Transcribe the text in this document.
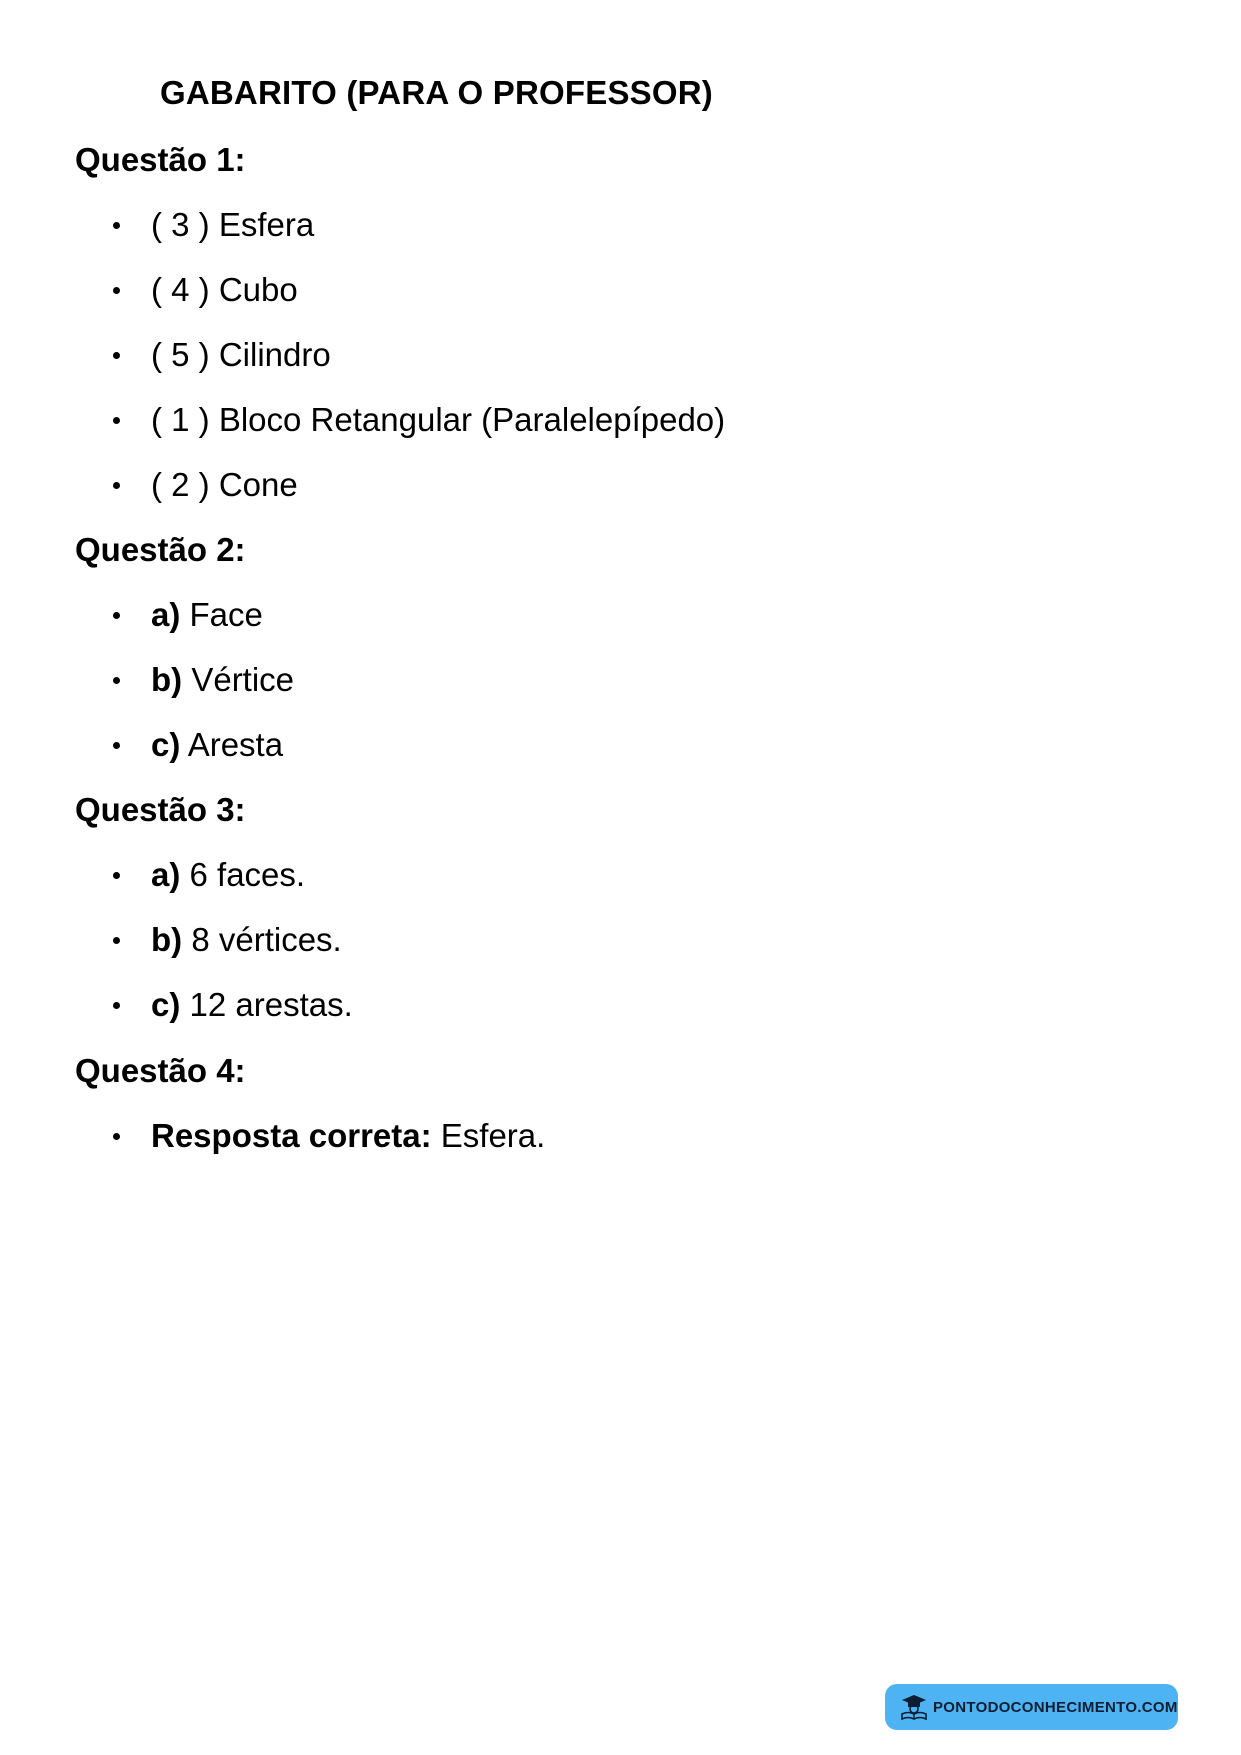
GABARITO (PARA O PROFESSOR)
Questão 1:
( 3 ) Esfera
( 4 ) Cubo
( 5 ) Cilindro
( 1 ) Bloco Retangular (Paralelepípedo)
( 2 ) Cone
Questão 2:
a) Face
b) Vértice
c) Aresta
Questão 3:
a) 6 faces.
b) 8 vértices.
c) 12 arestas.
Questão 4:
Resposta correta: Esfera.
PONTODOCONHECIMENTO.COM
